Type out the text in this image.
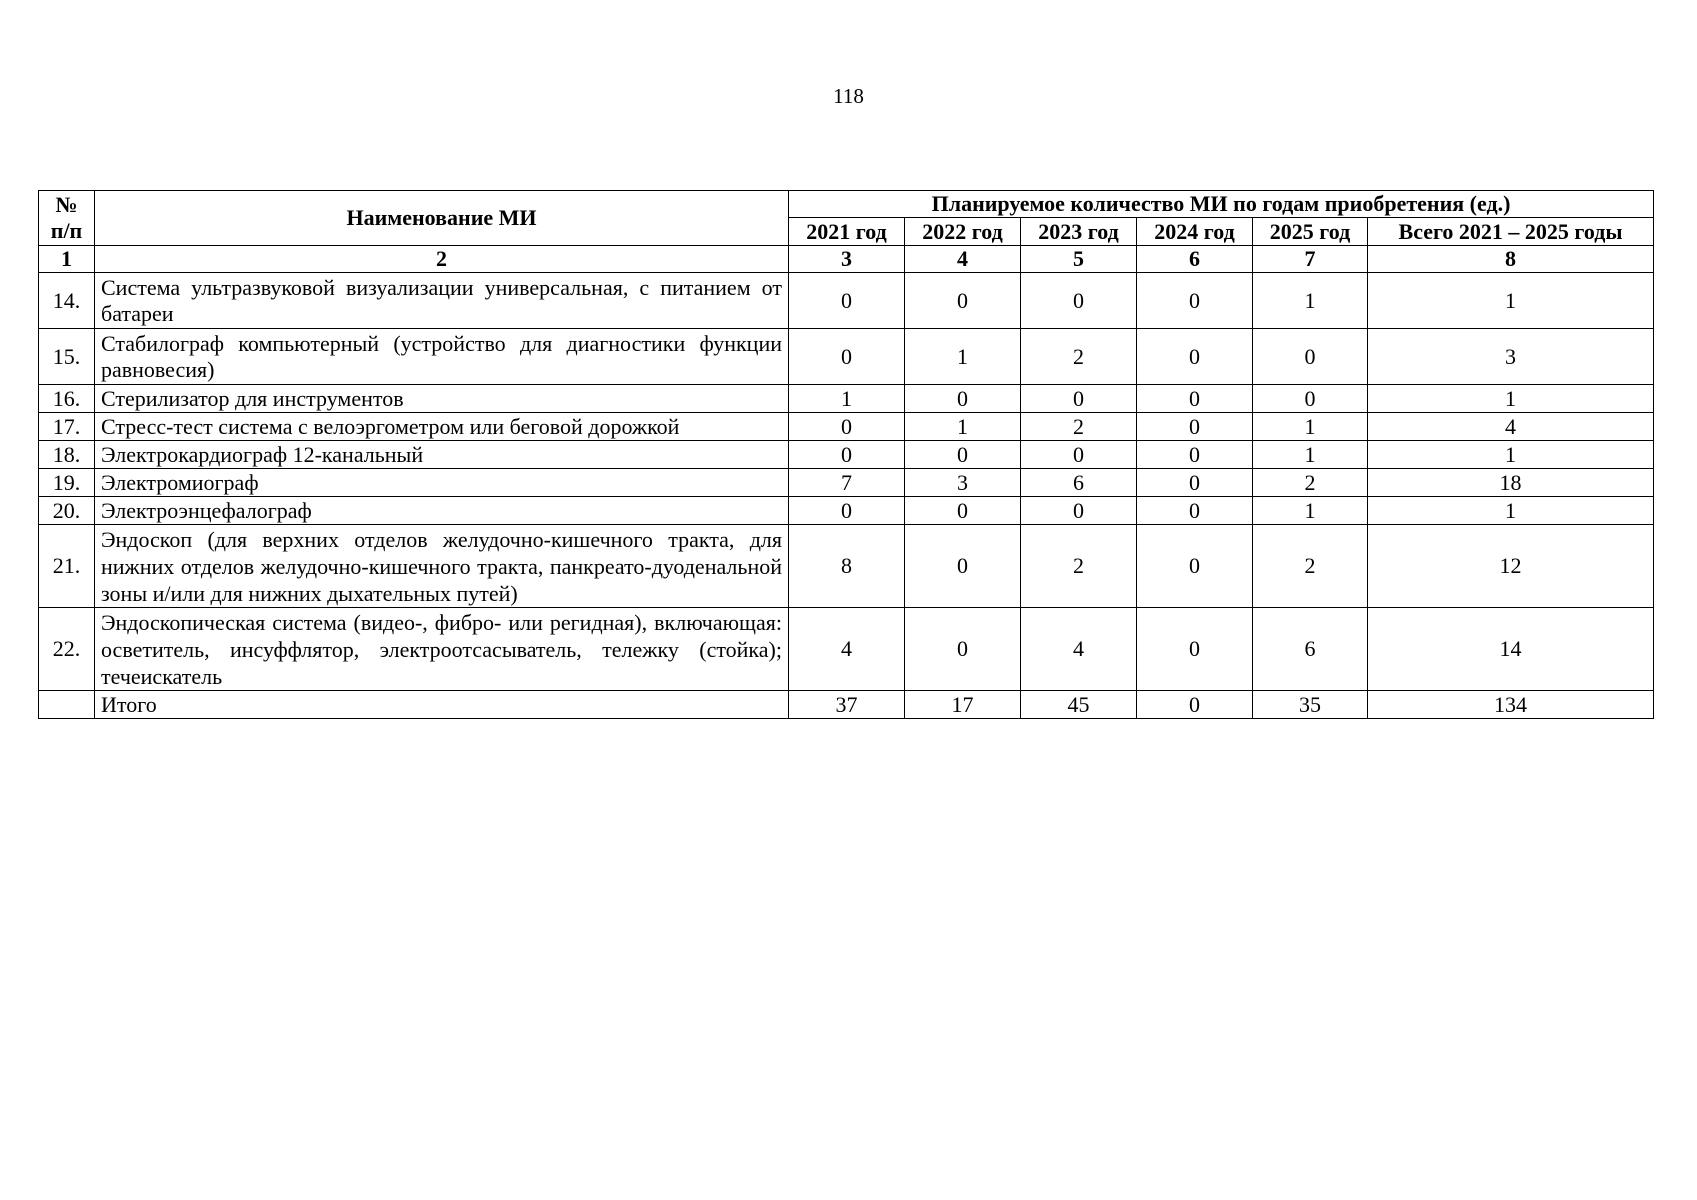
118
№
п/п	Наименование МИ	Планируемое количество МИ по годам приобретения (ед.)					
		2021 год	2022 год	2023 год	2024 год	2025 год	Всего 2021 – 2025 годы
1	2	3	4	5	6	7	8
14.	Система ультразвуковой визуализации универсальная, с питанием от батареи	0	0	0	0	1	1
15.	Стабилограф компьютерный (устройство для диагностики функции равновесия)	0	1	2	0	0	3
16.	Стерилизатор для инструментов	1	0	0	0	0	1
17.	Стресс-тест система с велоэргометром или беговой дорожкой	0	1	2	0	1	4
18.	Электрокардиограф 12-канальный	0	0	0	0	1	1
19.	Электромиограф	7	3	6	0	2	18
20.	Электроэнцефалограф	0	0	0	0	1	1
21.	Эндоскоп (для верхних отделов желудочно-кишечного тракта, для нижних отделов желудочно-кишечного тракта, панкреато-дуоденальной зоны и/или для нижних дыхательных путей)	8	0	2	0	2	12
22.	Эндоскопическая система (видео-, фибро- или регидная), включающая: осветитель, инсуффлятор, электроотсасыватель, тележку (стойка); течеискатель	4	0	4	0	6	14
	Итого	37	17	45	0	35	134
